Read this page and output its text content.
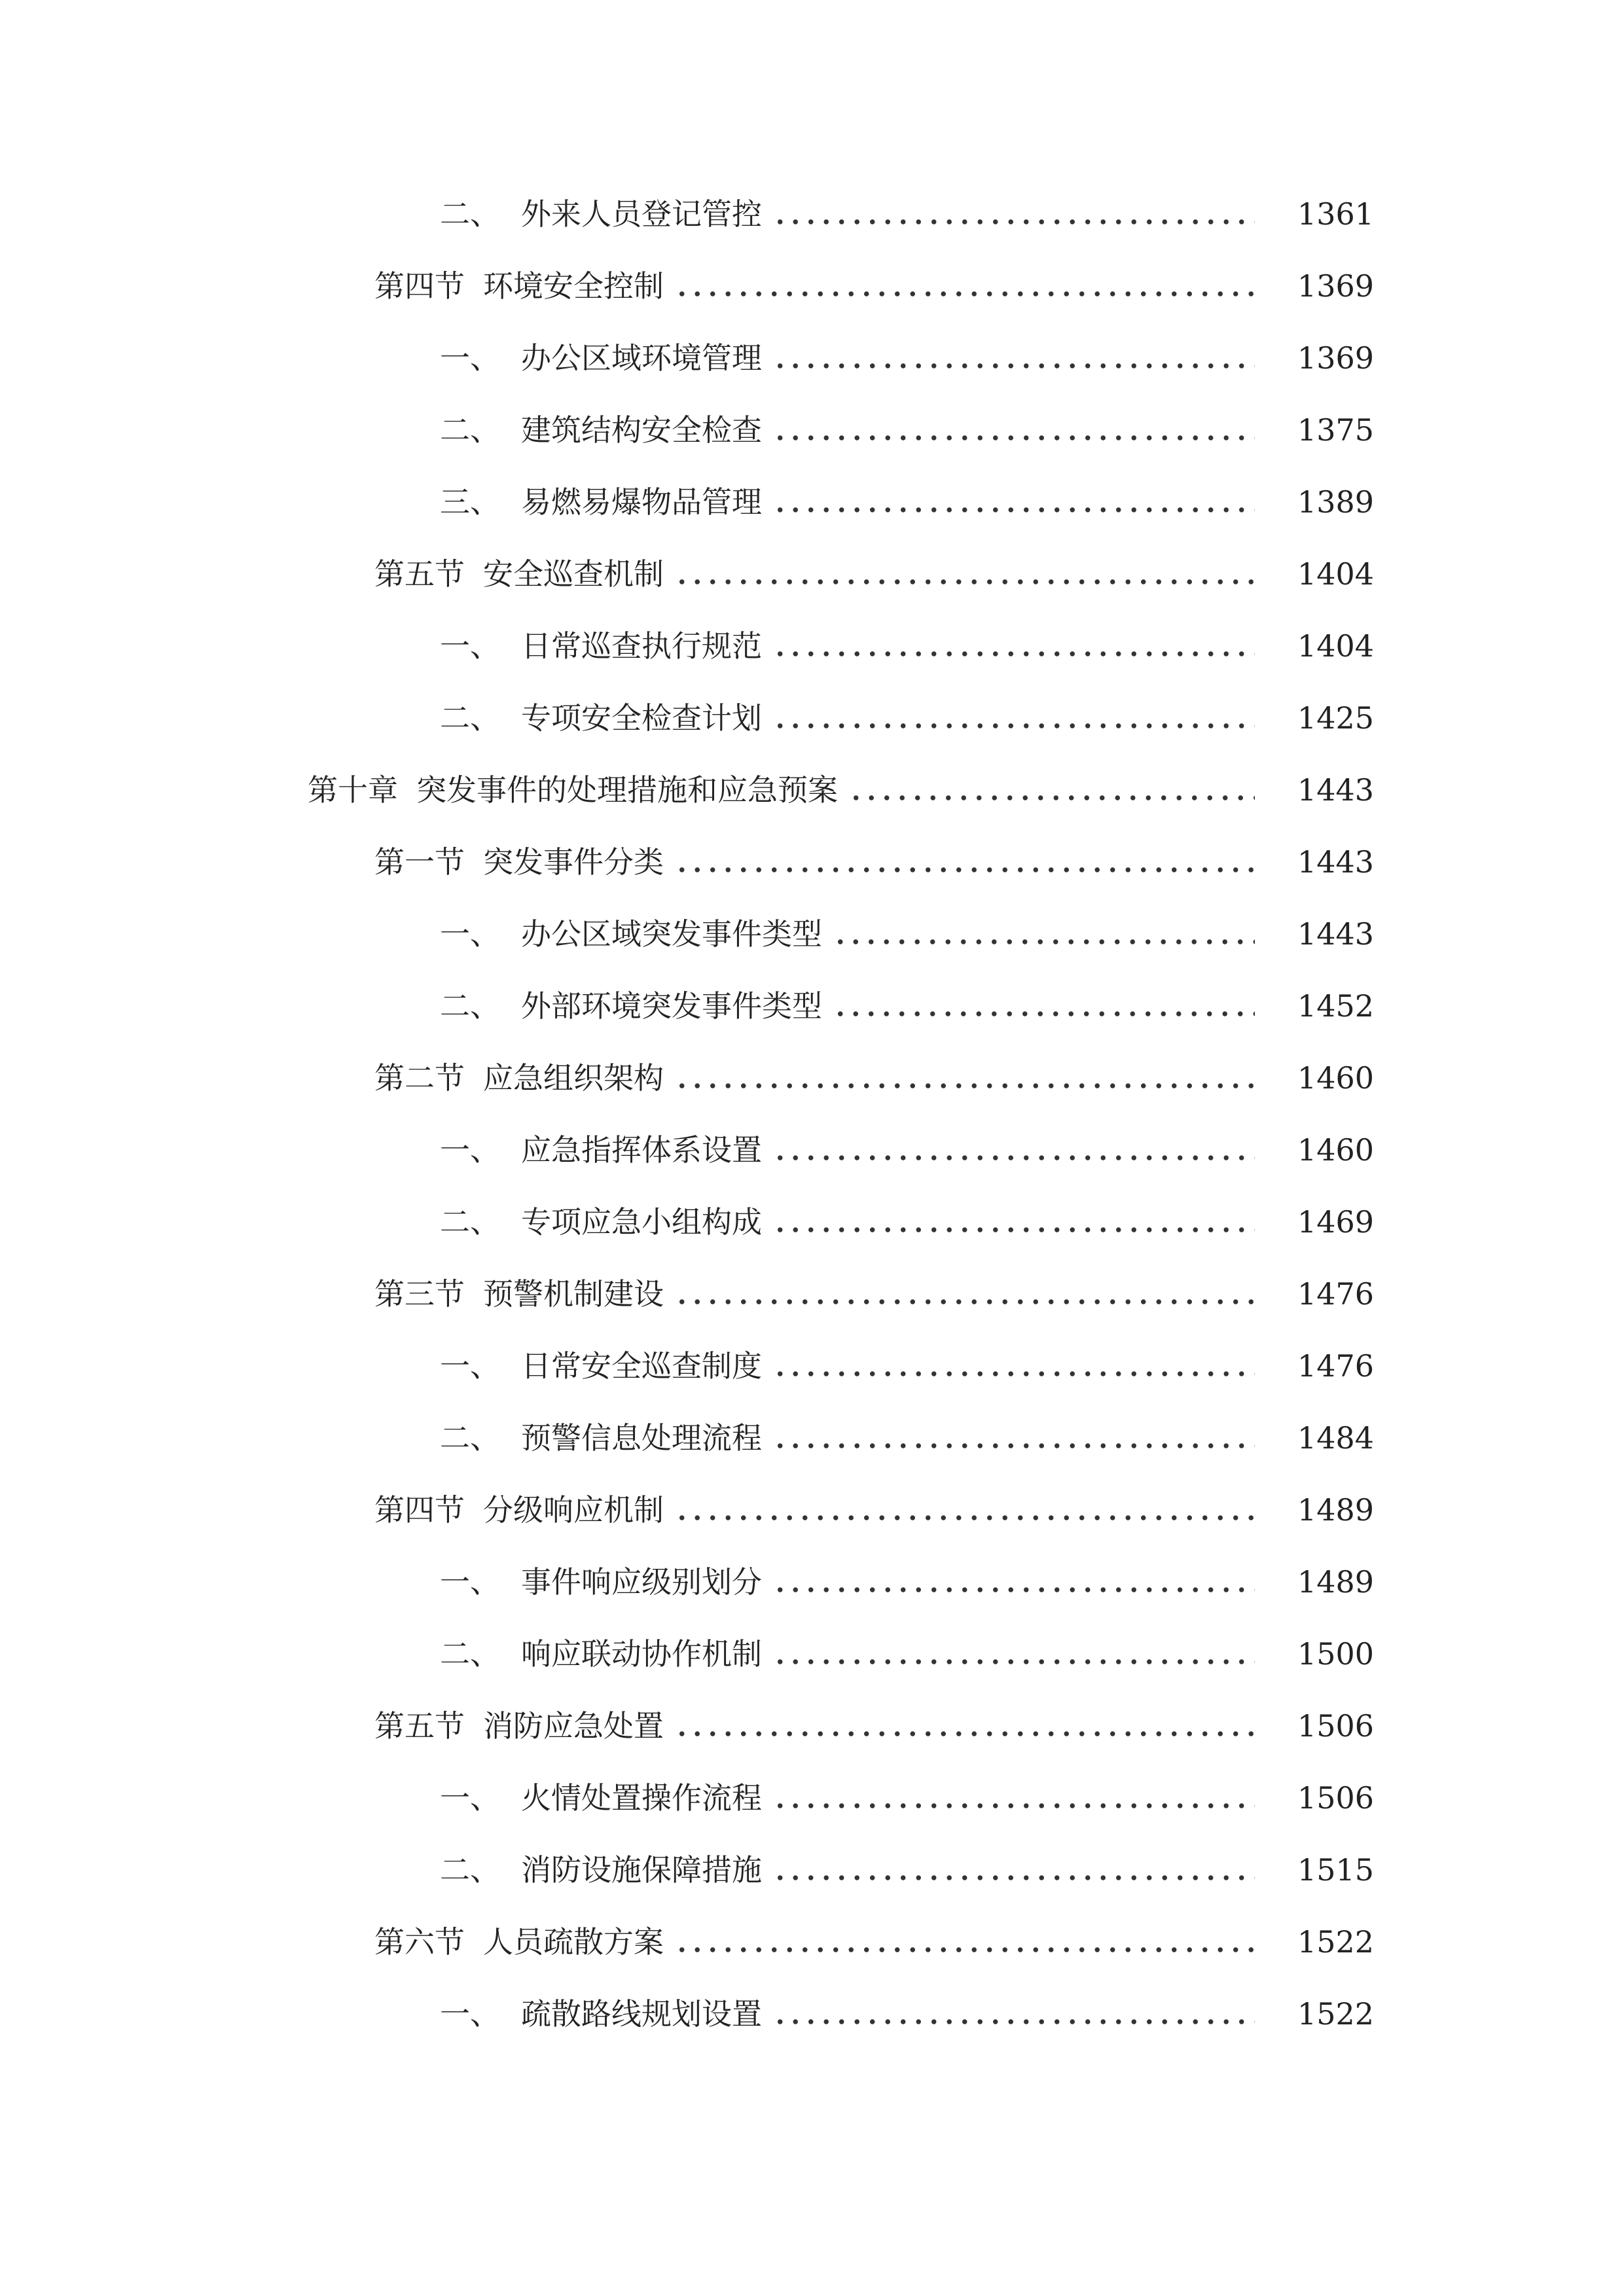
二、 外来人员登记管控	1361
第四节 环境安全控制	1369
一、 办公区域环境管理	1369
二、 建筑结构安全检查	1375
三、 易燃易爆物品管理	1389
第五节 安全巡查机制	1404
一、 日常巡查执行规范	1404
二、 专项安全检查计划	1425
第十章 突发事件的处理措施和应急预案	1443
第一节 突发事件分类	1443
一、 办公区域突发事件类型	1443
二、 外部环境突发事件类型	1452
第二节 应急组织架构	1460
一、 应急指挥体系设置	1460
二、 专项应急小组构成	1469
第三节 预警机制建设	1476
一、 日常安全巡查制度	1476
二、 预警信息处理流程	1484
第四节 分级响应机制	1489
一、 事件响应级别划分	1489
二、 响应联动协作机制	1500
第五节 消防应急处置	1506
一、 火情处置操作流程	1506
二、 消防设施保障措施	1515
第六节 人员疏散方案	1522
一、 疏散路线规划设置	1522
